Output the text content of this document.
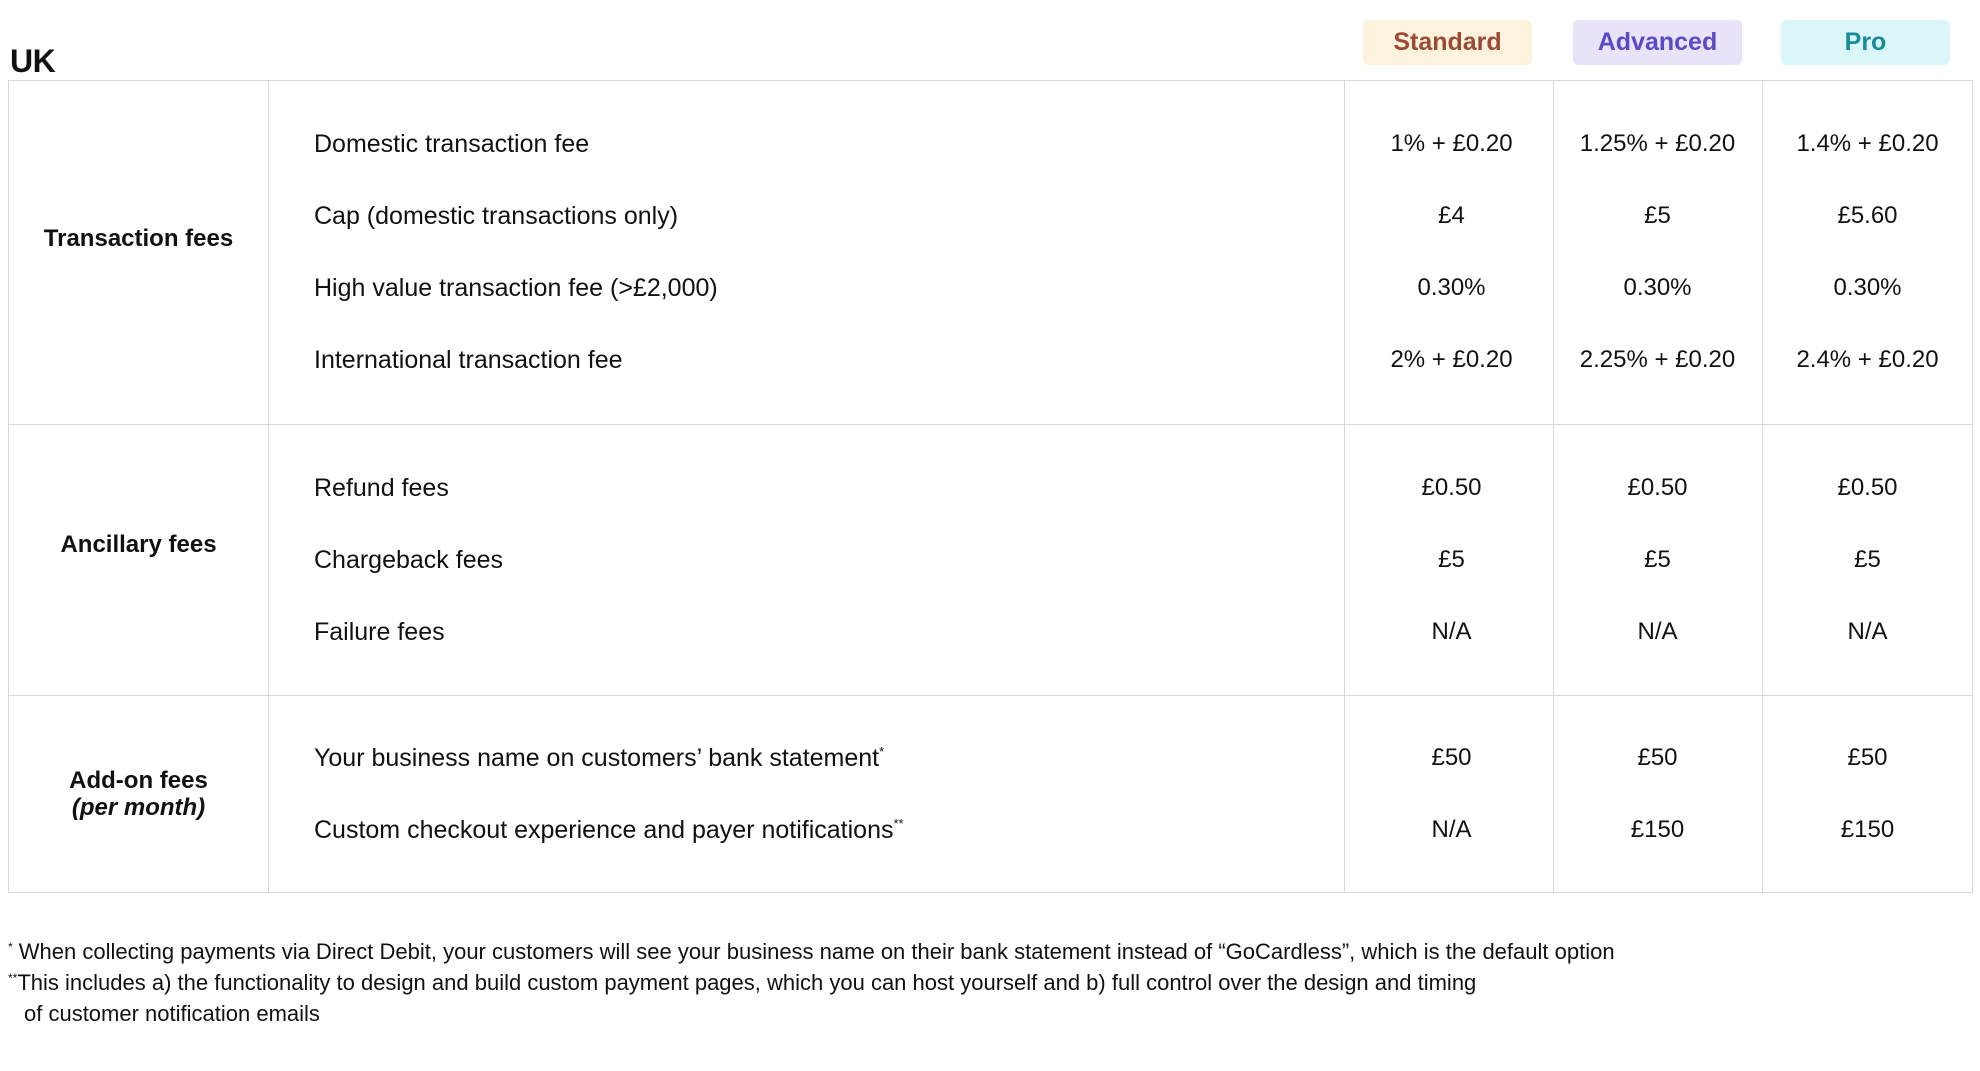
UK
Standard	Advanced	Pro
Transaction fees
Domestic transaction fee	1% + £0.20	1.25% + £0.20	1.4% + £0.20
Cap (domestic transactions only)	£4	£5	£5.60
High value transaction fee (>£2,000)	0.30%	0.30%	0.30%
International transaction fee	2% + £0.20	2.25% + £0.20	2.4% + £0.20
Ancillary fees
Refund fees	£0.50	£0.50	£0.50
Chargeback fees	£5	£5	£5
Failure fees	N/A	N/A	N/A
Add-on fees
(per month)
Your business name on customers’ bank statement*	£50	£50	£50
Custom checkout experience and payer notifications**	N/A	£150	£150
* When collecting payments via Direct Debit, your customers will see your business name on their bank statement instead of “GoCardless”, which is the default option
**This includes a) the functionality to design and build custom payment pages, which you can host yourself and b) full control over the design and timing
of customer notification emails
